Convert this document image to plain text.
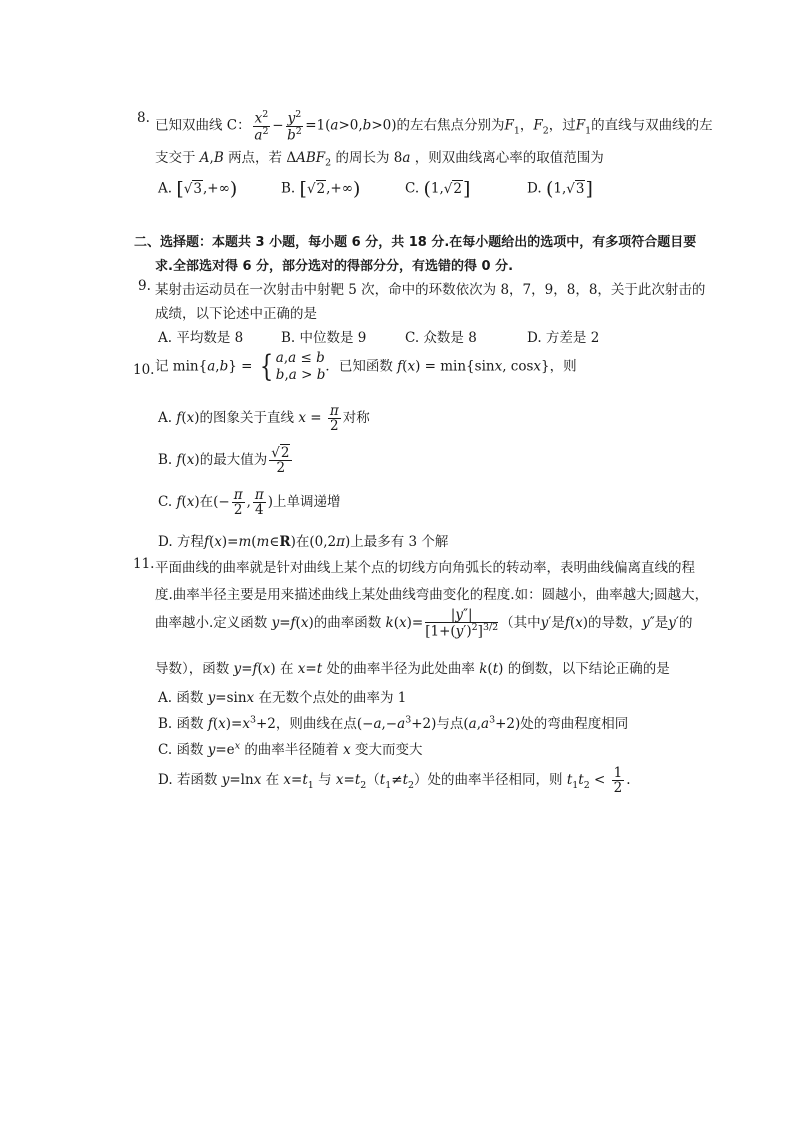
8. 已知双曲线 C： $\frac{x^2}{a^2} - \frac{y^2}{b^2} =1(a>0,b>0)$的左右焦点分别为$F_1$，$F_2$，过$F_1$的直线与双曲线的左
支交于 A,B 两点，若 $\Delta ABF_2$ 的周长为 8a ，则双曲线离心率的取值范围为
A. [√3,+∞)	B. [√2,+∞)	C. (1,√2]	D. (1,√3]
二、选择题：本题共 3 小题，每小题 6 分，共 18 分.在每小题给出的选项中，有多项符合题目要
求.全部选对得 6 分，部分选对的得部分分，有选错的得 0 分.
9. 某射击运动员在一次射击中射靶 5 次，命中的环数依次为 8，7，9，8，8，关于此次射击的
成绩，以下论述中正确的是
A. 平均数是 8	B. 中位数是 9	C. 众数是 8	D. 方差是 2
10. 记 min{a,b} = { a,a ≤ b
b,a > b
．已知函数 f(x) = min{sinx, cosx}，则
A. f(x)的图象关于直线 $x = \frac{\pi}{2}$ 对称
B. f(x)的最大值为 $\frac{√2}{2}$
C. f(x)在(− $\frac{\pi}{2}$ , $\frac{\pi}{4}$ )上单调递增
D. 方程f(x)=m(m∈R)在(0,2π)上最多有 3 个解
11. 平面曲线的曲率就是针对曲线上某个点的切线方向角弧长的转动率，表明曲线偏离直线的程
度.曲率半径主要是用来描述曲线上某处曲线弯曲变化的程度.如：圆越小，曲率越大;圆越大，
曲率越小.定义函数 y=f(x)的曲率函数 $k(x)= \frac{|y''|}{[1+(y')^2]^{3/2}}$ （其中y′是f(x)的导数，y″是y′的
导数），函数 y=f(x) 在 x=t 处的曲率半径为此处曲率 k(t) 的倒数，以下结论正确的是
A. 函数 y=sinx 在无数个点处的曲率为 1
B. 函数 $f(x)=x^3+2$，则曲线在点$(-a,-a^3+2)$与点$(a,a^3+2)$处的弯曲程度相同
C. 函数 $y=e^x$ 的曲率半径随着 x 变大而变大
D. 若函数 y=lnx 在 $x=t_1$ 与 $x=t_2(t_1\ne t_2)$处的曲率半径相同，则 $t_1t_2 < \frac{1}{2}$ .
